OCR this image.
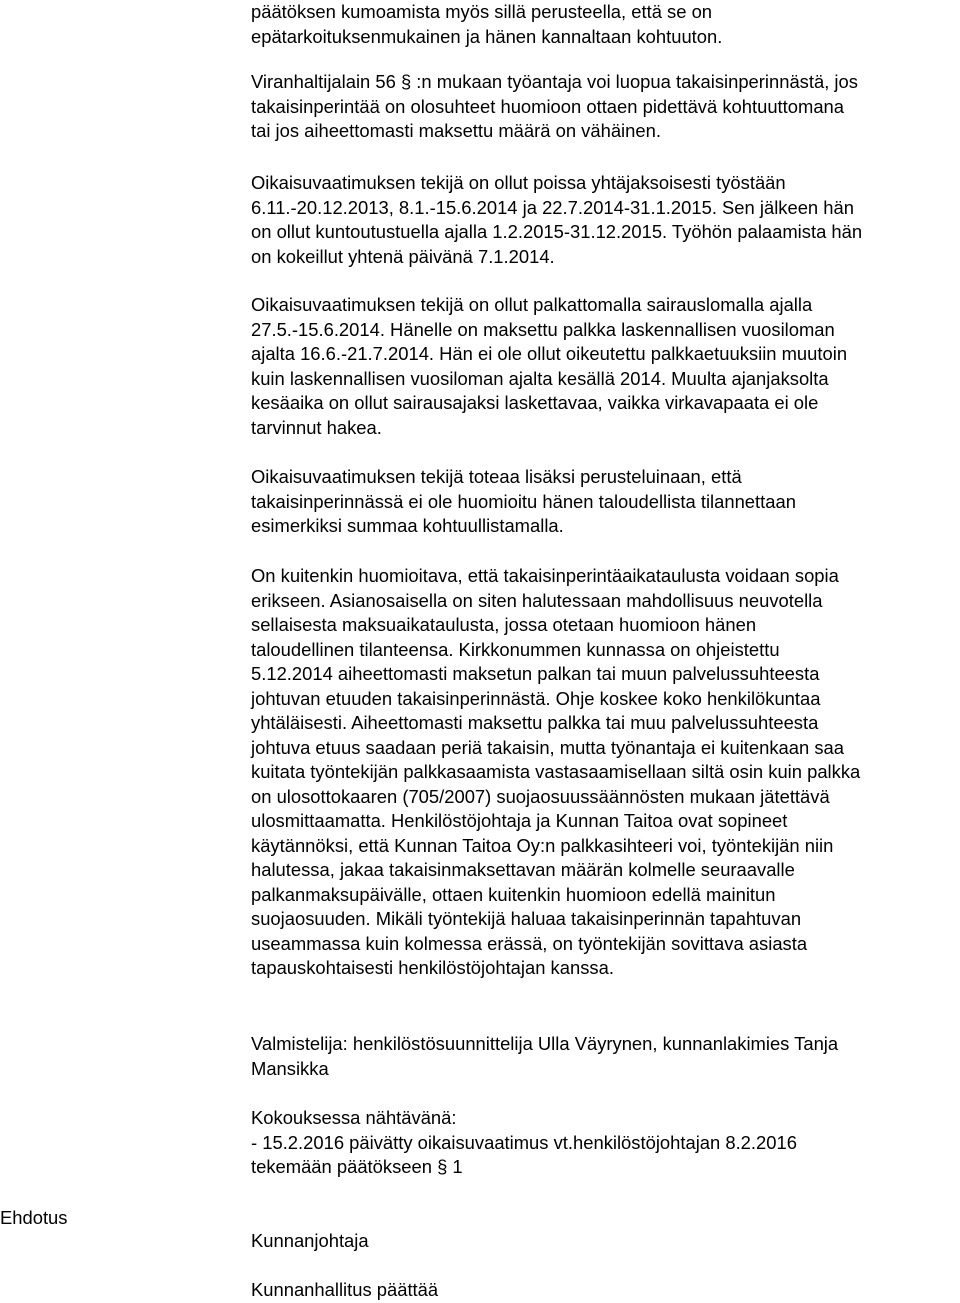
päätöksen kumoamista myös sillä perusteella, että se on
epätarkoituksenmukainen ja hänen kannaltaan kohtuuton.

Viranhaltijalain 56 § :n mukaan työantaja voi luopua takaisinperinnästä, jos
takaisinperintää on olosuhteet huomioon ottaen pidettävä kohtuuttomana
tai jos aiheettomasti maksettu määrä on vähäinen.

Oikaisuvaatimuksen tekijä on ollut poissa yhtäjaksoisesti työstään
6.11.-20.12.2013, 8.1.-15.6.2014 ja 22.7.2014-31.1.2015. Sen jälkeen hän
on ollut kuntoutustuella ajalla 1.2.2015-31.12.2015. Työhön palaamista hän
on kokeillut yhtenä päivänä 7.1.2014.

Oikaisuvaatimuksen tekijä on ollut palkattomalla sairauslomalla ajalla
27.5.-15.6.2014. Hänelle on maksettu palkka laskennallisen vuosiloman
ajalta 16.6.-21.7.2014. Hän ei ole ollut oikeutettu palkkaetuuksiin muutoin
kuin laskennallisen vuosiloman ajalta kesällä 2014. Muulta ajanjaksolta
kesäaika on ollut sairausajaksi laskettavaa, vaikka virkavapaata ei ole
tarvinnut hakea.

Oikaisuvaatimuksen tekijä toteaa lisäksi perusteluinaan, että
takaisinperinnässä ei ole huomioitu hänen taloudellista tilannettaan
esimerkiksi summaa kohtuullistamalla.

On kuitenkin huomioitava, että takaisinperintäaikataulusta voidaan sopia
erikseen. Asianosaisella on siten halutessaan mahdollisuus neuvotella
sellaisesta maksuaikataulusta, jossa otetaan huomioon hänen
taloudellinen tilanteensa. Kirkkonummen kunnassa on ohjeistettu
5.12.2014 aiheettomasti maksetun palkan tai muun palvelussuhteesta
johtuvan etuuden takaisinperinnästä. Ohje koskee koko henkilökuntaa
yhtäläisesti. Aiheettomasti maksettu palkka tai muu palvelussuhteesta
johtuva etuus saadaan periä takaisin, mutta työnantaja ei kuitenkaan saa
kuitata työntekijän palkkasaamista vastasaamisellaan siltä osin kuin palkka
on ulosottokaaren (705/2007) suojaosuussäännösten mukaan jätettävä
ulosmittaamatta. Henkilöstöjohtaja ja Kunnan Taitoa ovat sopineet
käytännöksi, että Kunnan Taitoa Oy:n palkkasihteeri voi, työntekijän niin
halutessa, jakaa takaisinmaksettavan määrän kolmelle seuraavalle
palkanmaksupäivälle, ottaen kuitenkin huomioon edellä mainitun
suojaosuuden. Mikäli työntekijä haluaa takaisinperinnän tapahtuvan
useammassa kuin kolmessa erässä, on työntekijän sovittava asiasta
tapauskohtaisesti henkilöstöjohtajan kanssa.

Valmistelija: henkilöstösuunnittelija Ulla Väyrynen, kunnanlakimies Tanja
Mansikka

Kokouksessa nähtävänä:
- 15.2.2016 päivätty oikaisuvaatimus vt.henkilöstöjohtajan 8.2.2016
tekemään päätökseen § 1

Kunnanjohtaja

Kunnanhallitus päättää

Ehdotus
